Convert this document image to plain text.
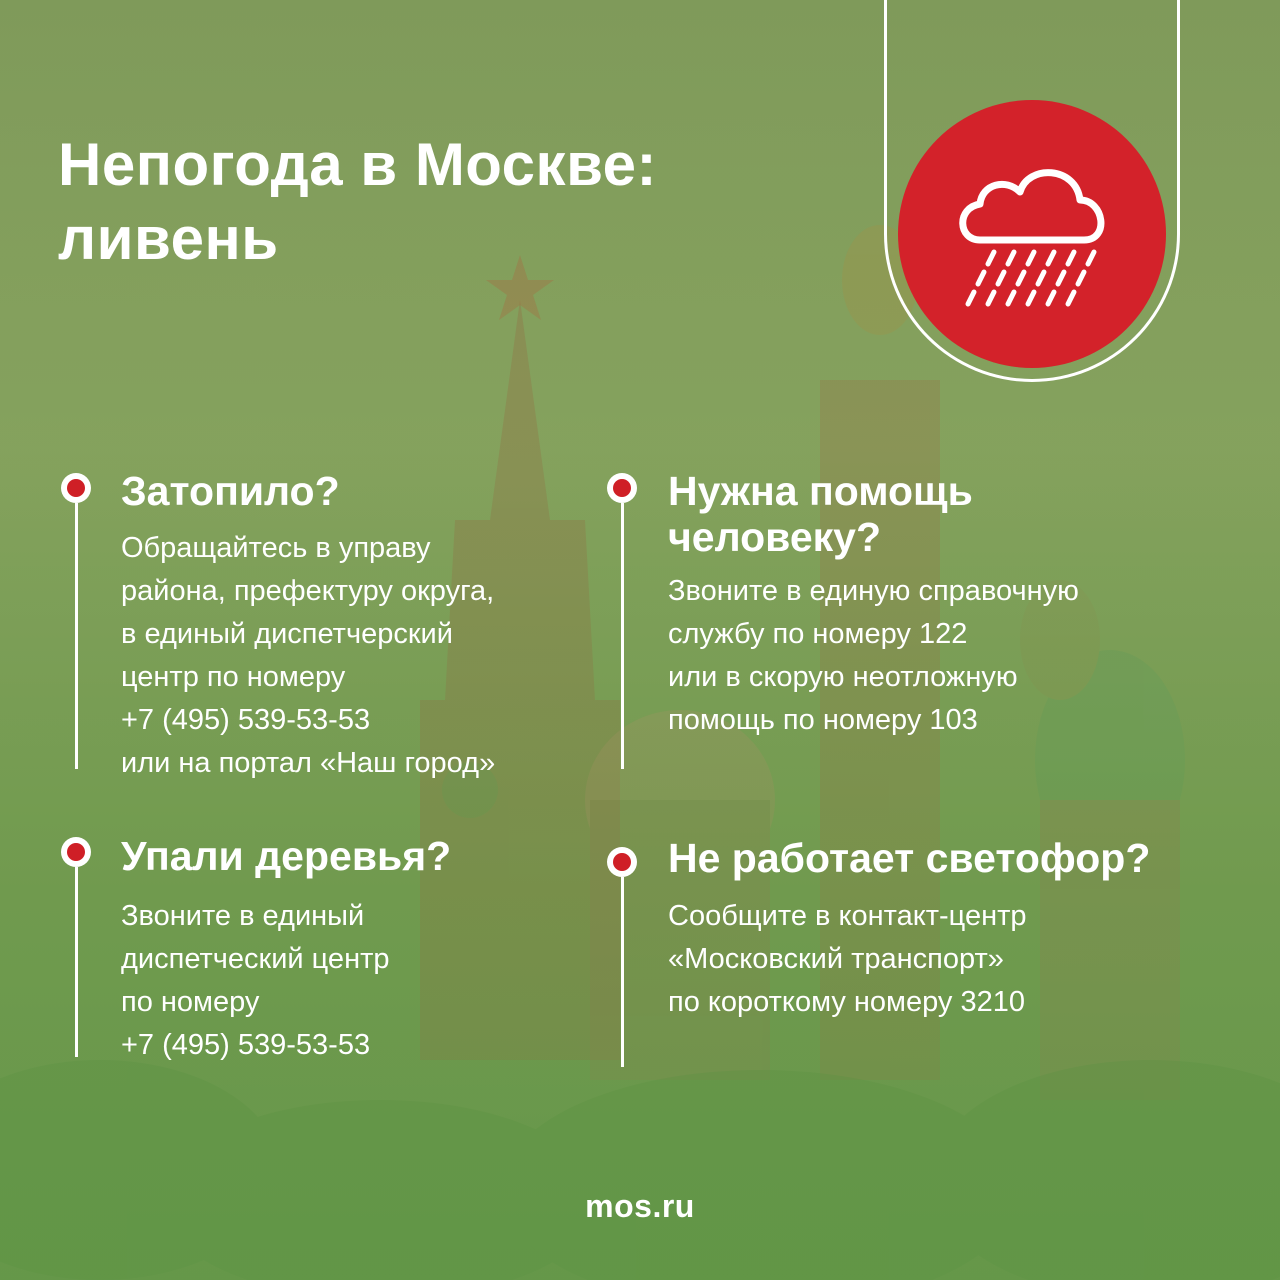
Непогода в Москве:
ливень
Затопило?

Обращайтесь в управу
района, префектуру округа,
в единый диспетчерский
центр по номеру
+7 (495) 539-53-53
или на портал «Наш город»

Нужна помощь
человеку?

Звоните в единую справочную
службу по номеру 122
или в скорую неотложную
помощь по номеру 103

Упали деревья?

Звоните в единый
диспетческий центр
по номеру
+7 (495) 539-53-53

Не работает светофор?

Сообщите в контакт-центр
«Московский транспорт»
по короткому номеру 3210

mos.ru
